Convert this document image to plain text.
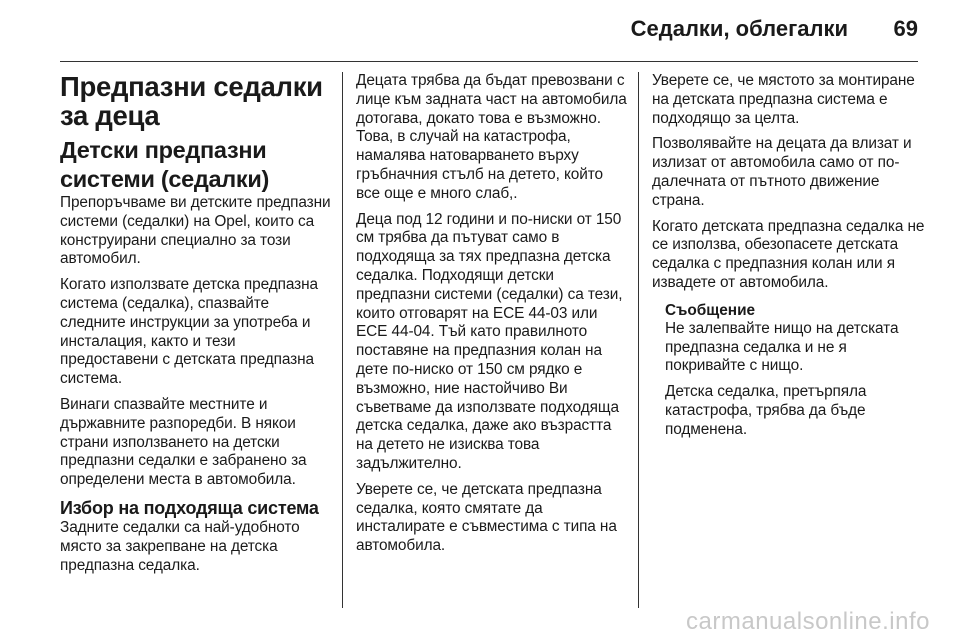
Седалки, облегалки 69
Предпазни седалки за деца
Детски предпазни системи (седалки)

Препоръчваме ви детските предпазни системи (седалки) на Opel, които са конструирани специално за този автомобил.

Когато използвате детска предпазна система (седалка), спазвайте следните инструкции за употреба и инсталация, както и тези предоставени с детската предпазна система.

Винаги спазвайте местните и държавните разпоредби. В някои страни използването на детски предпазни седалки е забранено за определени места в автомобила.

Избор на подходяща система

Задните седалки са най-удобното място за закрепване на детска предпазна седалка.

Децата трябва да бъдат превозвани с лице към задната част на автомобила дотогава, докато това е възможно. Това, в случай на катастрофа, намалява натоварването върху гръбначния стълб на детето, който все още е много слаб,.

Деца под 12 години и по-ниски от 150 см трябва да пътуват само в подходяща за тях предпазна детска седалка. Подходящи детски предпазни системи (седалки) са тези, които отговарят на ECE 44-03 или ECE 44-04. Тъй като правилното поставяне на предпазния колан на дете по-ниско от 150 см рядко е възможно, ние настойчиво Ви съветваме да използвате подходяща детска седалка, даже ако възрастта на детето не изисква това задължително.

Уверете се, че детската предпазна седалка, която смятате да инсталирате е съвместима с типа на автомобила.

Уверете се, че мястото за монтиране на детската предпазна система е подходящо за целта.

Позволявайте на децата да влизат и излизат от автомобила само от по-далечната от пътното движение страна.

Когато детската предпазна седалка не се използва, обезопасете детската седалка с предпазния колан или я извадете от автомобила.

Съобщение

Не залепвайте нищо на детската предпазна седалка и не я покривайте с нищо.

Детска седалка, претърпяла катастрофа, трябва да бъде подменена.

carmanualsonline.info
